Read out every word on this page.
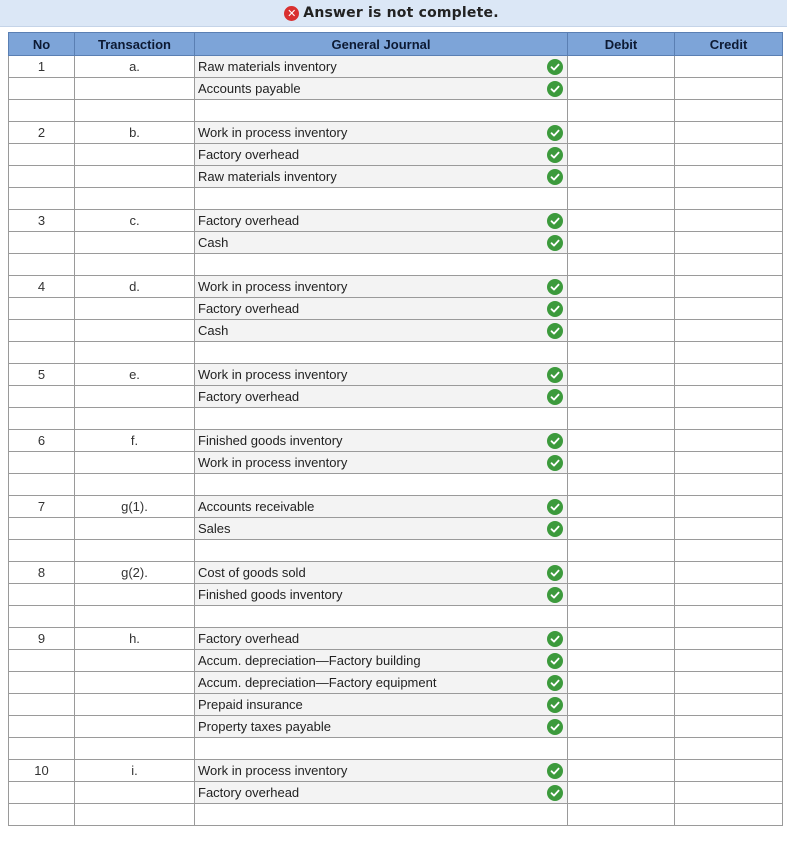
✕ Answer is not complete.
No	Transaction	General Journal	Debit	Credit
1	a.	Raw materials inventory

		Accounts payable

2	b.	Work in process inventory

		Factory overhead

		Raw materials inventory

3	c.	Factory overhead

		Cash

4	d.	Work in process inventory

		Factory overhead

		Cash

5	e.	Work in process inventory

		Factory overhead

6	f.	Finished goods inventory

		Work in process inventory

7	g(1).	Accounts receivable

		Sales

8	g(2).	Cost of goods sold

		Finished goods inventory

9	h.	Factory overhead

		Accum. depreciation—Factory building

		Accum. depreciation—Factory equipment

		Prepaid insurance

		Property taxes payable

10	i.	Work in process inventory

		Factory overhead
